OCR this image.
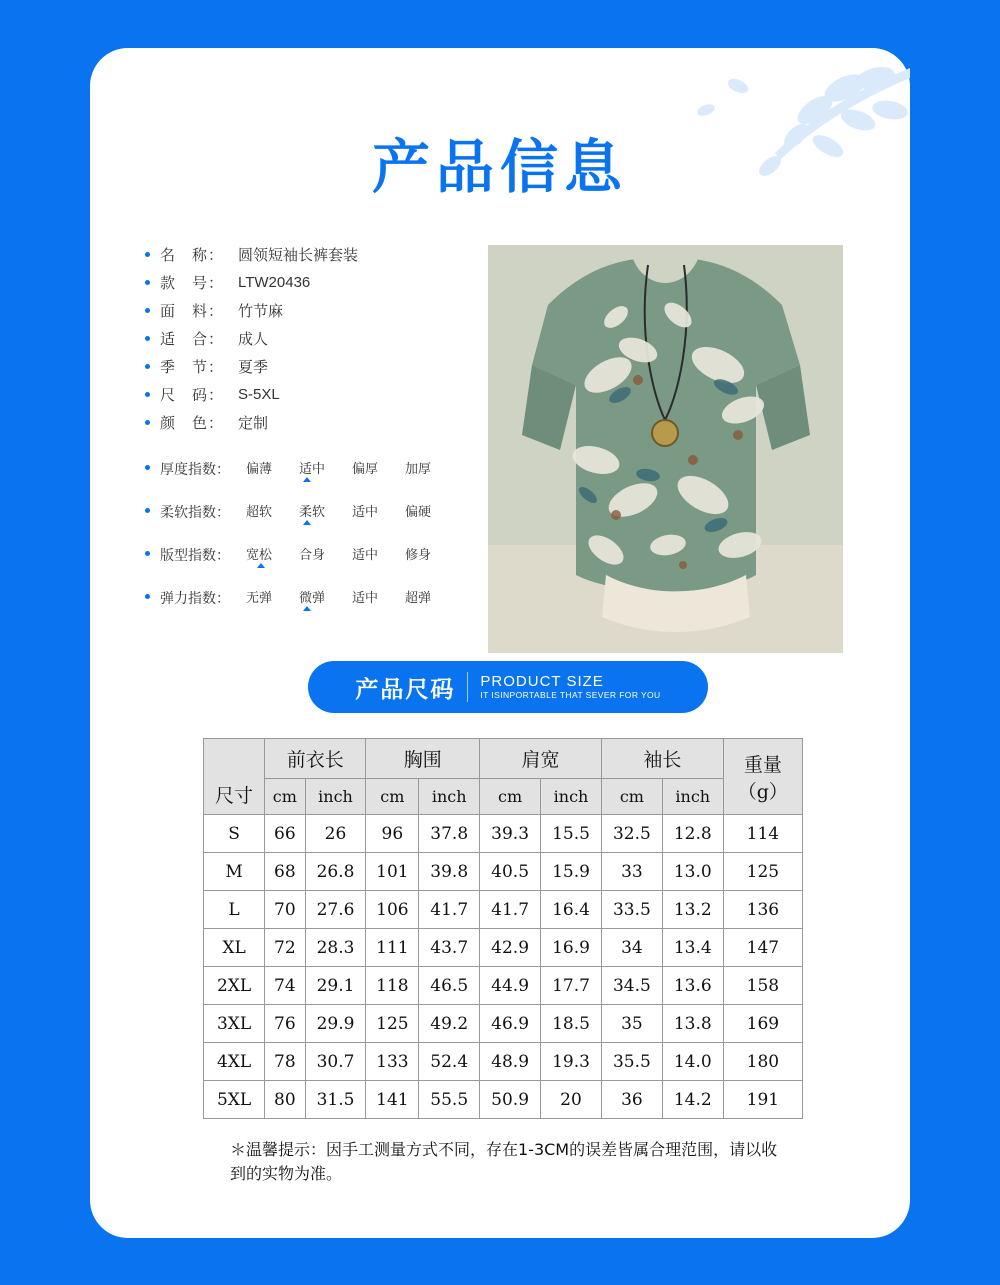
产品信息
名　称： 圆领短袖长裤套装
款　号： LTW20436
面　料： 竹节麻
适　合： 成人
季　节： 夏季
尺　码： S-5XL
颜　色： 定制
厚度指数：	偏薄 适中 偏厚 加厚
柔软指数：	超软 柔软 适中 偏硬
版型指数：	宽松 合身 适中 修身
弹力指数：	无弹 微弹 适中 超弹
产品尺码 PRODUCT SIZE
IT ISINPORTABLE THAT SEVER FOR YOU
尺寸	前衣长		胸围		肩宽		袖长		重量
（g）

	cm	inch	cm	inch	cm	inch	cm	inch	
S	66	26	96	37.8	39.3	15.5	32.5	12.8	114
M	68	26.8	101	39.8	40.5	15.9	33	13.0	125
L	70	27.6	106	41.7	41.7	16.4	33.5	13.2	136
XL	72	28.3	111	43.7	42.9	16.9	34	13.4	147
2XL	74	29.1	118	46.5	44.9	17.7	34.5	13.6	158
3XL	76	29.9	125	49.2	46.9	18.5	35	13.8	169
4XL	78	30.7	133	52.4	48.9	19.3	35.5	14.0	180
5XL	80	31.5	141	55.5	50.9	20	36	14.2	191
＊温馨提示：因手工测量方式不同，存在1-3CM的误差皆属合理范围，请以收到的实物为准。
